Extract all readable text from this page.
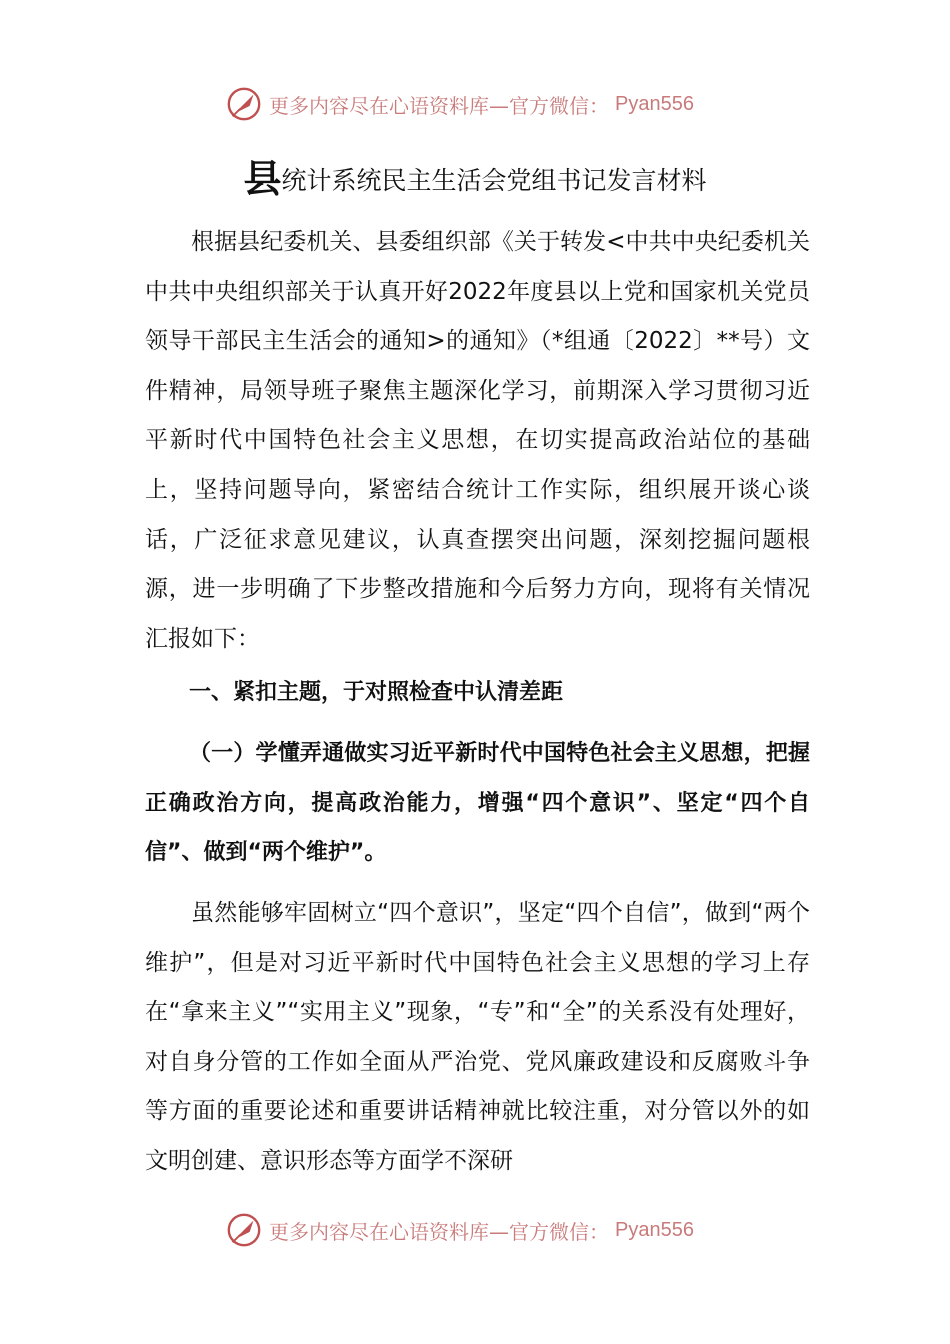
更多内容尽在心语资料库—官方微信： Pyan556
县统计系统民主生活会党组书记发言材料

根据县纪委机关、县委组织部《关于转发<中共中央纪委机关 中共中央组织部关于认真开好2022年度县以上党和国家机关党员领导干部民主生活会的通知>的通知》（*组通〔2022〕**号）文件精神，局领导班子聚焦主题深化学习，前期深入学习贯彻习近平新时代中国特色社会主义思想，在切实提高政治站位的基础上，坚持问题导向，紧密结合统计工作实际，组织展开谈心谈话，广泛征求意见建议，认真查摆突出问题，深刻挖掘问题根源，进一步明确了下步整改措施和今后努力方向，现将有关情况汇报如下：

一、紧扣主题，于对照检查中认清差距

（一）学懂弄通做实习近平新时代中国特色社会主义思想，把握正确政治方向，提高政治能力，增强“四个意识”、坚定“四个自信”、做到“两个维护”。

虽然能够牢固树立“四个意识”，坚定“四个自信”，做到“两个维护”，但是对习近平新时代中国特色社会主义思想的学习上存在“拿来主义”“实用主义”现象，“专”和“全”的关系没有处理好，对自身分管的工作如全面从严治党、党风廉政建设和反腐败斗争等方面的重要论述和重要讲话精神就比较注重，对分管以外的如文明创建、意识形态等方面学不深研

更多内容尽在心语资料库—官方微信： Pyan556
